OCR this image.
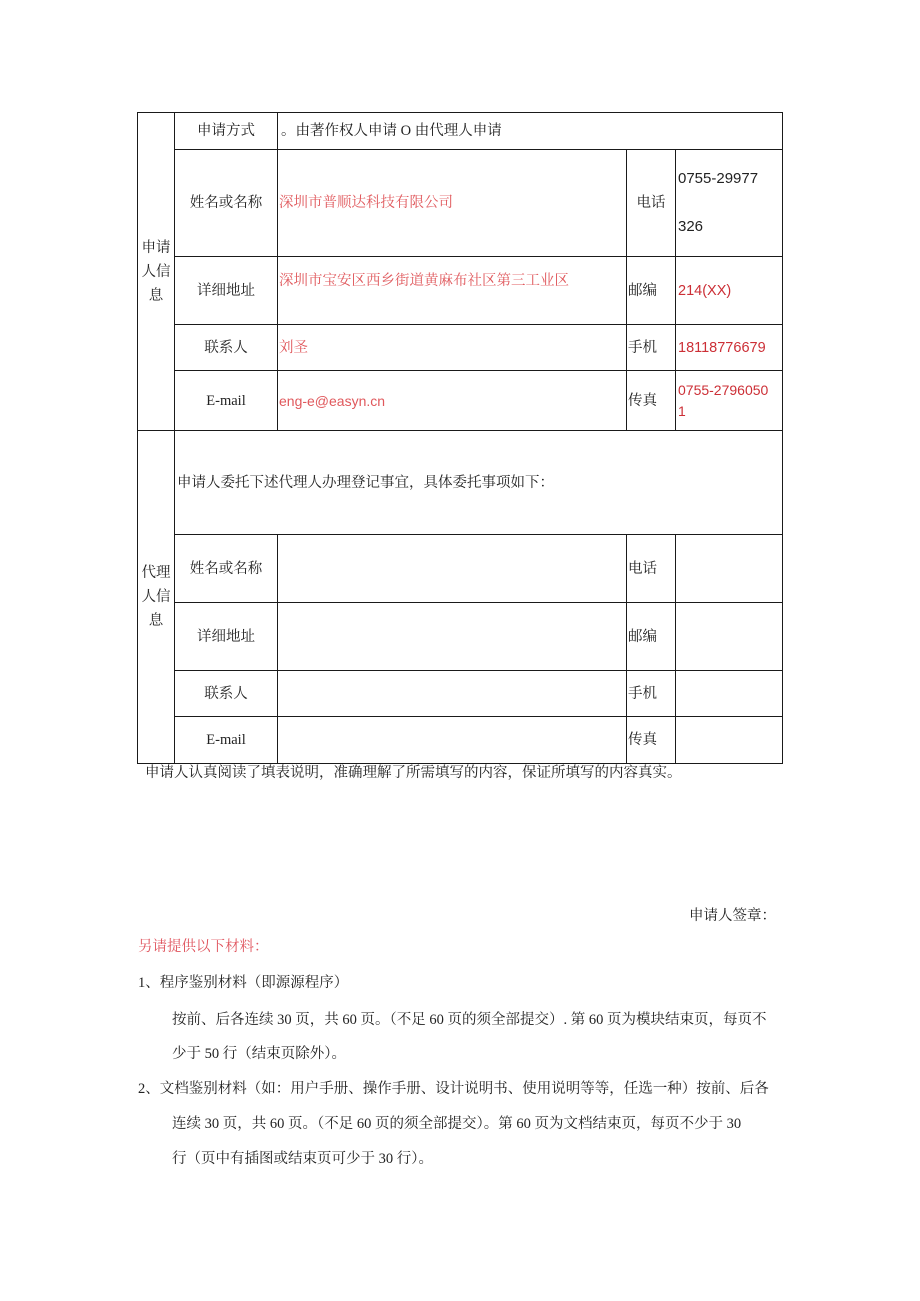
申请人信息	申请方式	。由著作权人申请 O 由代理人申请		
	姓名或名称	深圳市普顺达科技有限公司	电话	0755-29977326
	详细地址	深圳市宝安区西乡街道黄麻布社区第三工业区	邮编	214(XX)
	联系人	刘圣	手机	18118776679
	E-mail	eng-e@easyn.cn	传真	0755-27960501
代理人信息	申请人委托下述代理人办理登记事宜，具体委托事项如下：			
	姓名或名称		电话	
	详细地址		邮编	
	联系人		手机	
	E-mail		传真	
申请人认真阅读了填表说明，准确理解了所需填写的内容，保证所填写的内容真实。
申请人签章：
另请提供以下材料：
1、程序鉴别材料（即源源程序）
按前、后各连续 30 页，共 60 页。（不足 60 页的须全部提交）. 第 60 页为模块结束页，每页不
少于 50 行（结束页除外）。
2、文档鉴别材料（如：用户手册、操作手册、设计说明书、使用说明等等，任选一种）按前、后各
连续 30 页，共 60 页。（不足 60 页的须全部提交）。第 60 页为文档结束页，每页不少于 30
行（页中有插图或结束页可少于 30 行）。
